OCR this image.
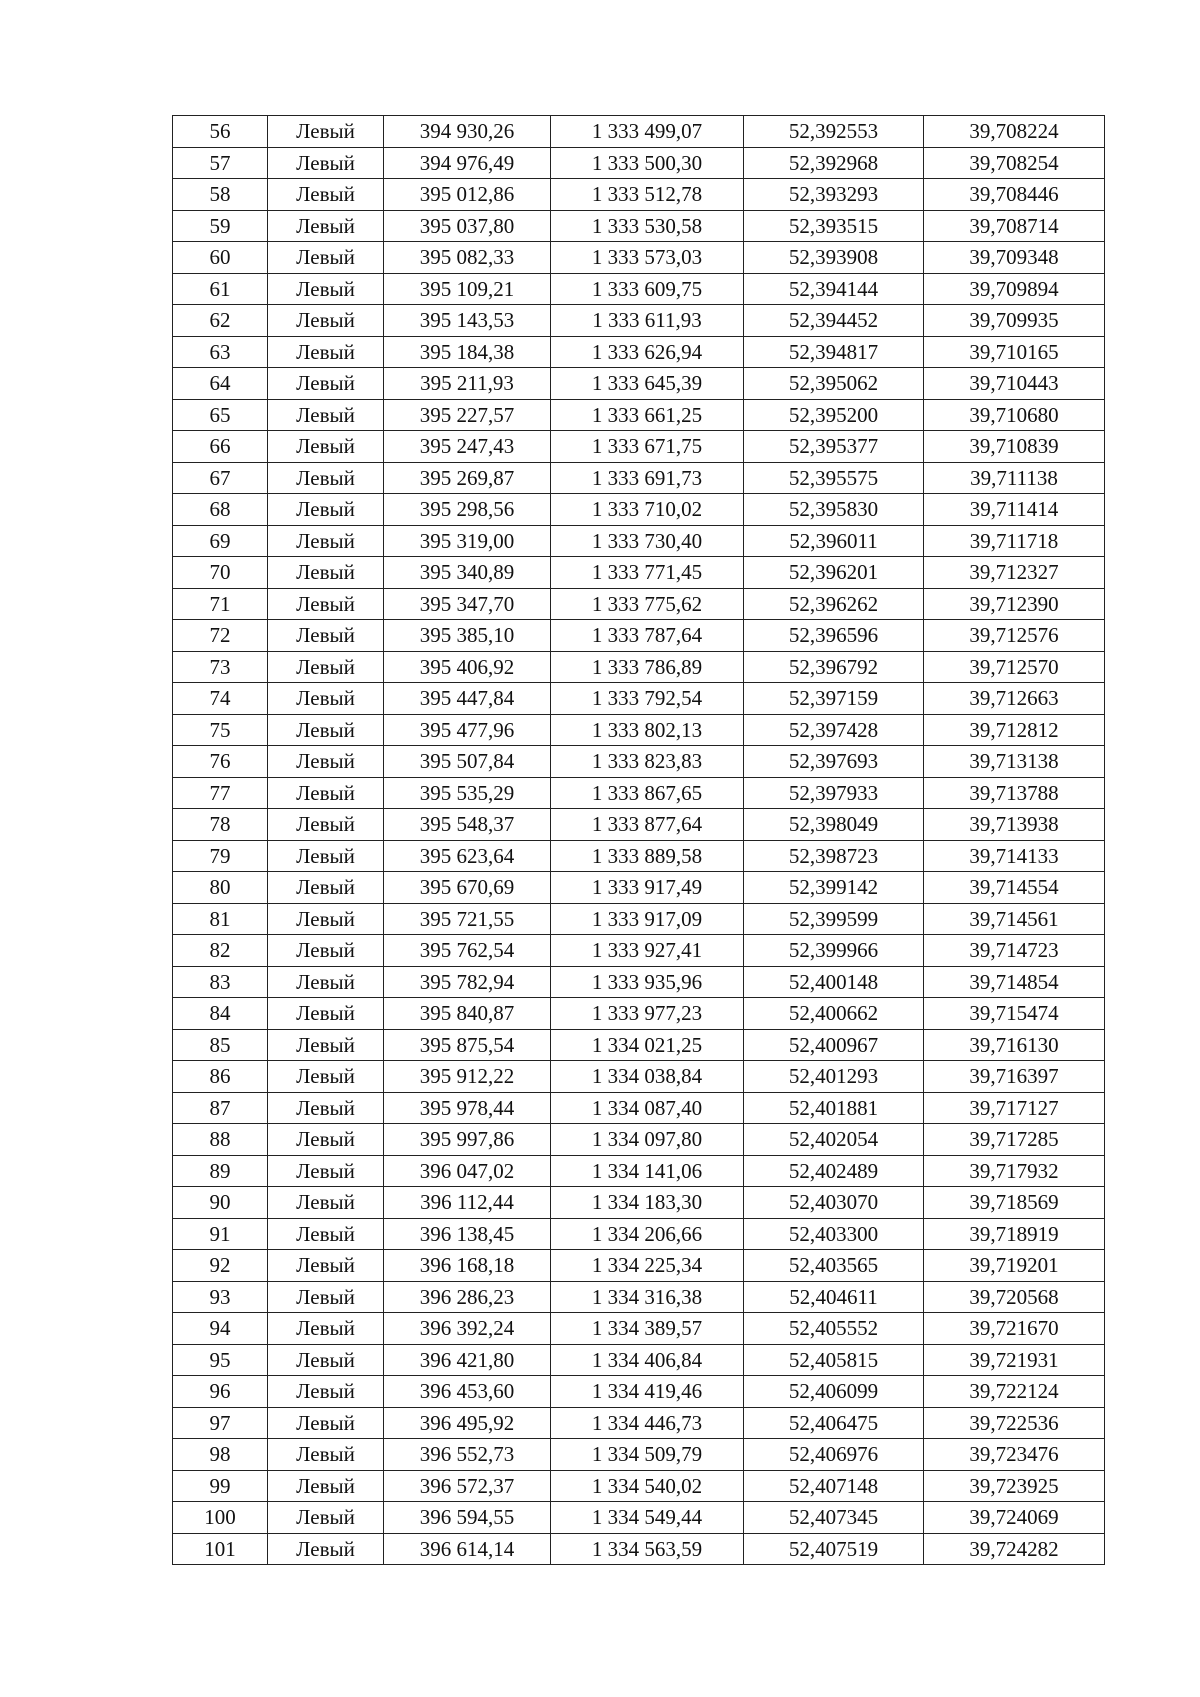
56	Левый	394 930,26	1 333 499,07	52,392553	39,708224
57	Левый	394 976,49	1 333 500,30	52,392968	39,708254
58	Левый	395 012,86	1 333 512,78	52,393293	39,708446
59	Левый	395 037,80	1 333 530,58	52,393515	39,708714
60	Левый	395 082,33	1 333 573,03	52,393908	39,709348
61	Левый	395 109,21	1 333 609,75	52,394144	39,709894
62	Левый	395 143,53	1 333 611,93	52,394452	39,709935
63	Левый	395 184,38	1 333 626,94	52,394817	39,710165
64	Левый	395 211,93	1 333 645,39	52,395062	39,710443
65	Левый	395 227,57	1 333 661,25	52,395200	39,710680
66	Левый	395 247,43	1 333 671,75	52,395377	39,710839
67	Левый	395 269,87	1 333 691,73	52,395575	39,711138
68	Левый	395 298,56	1 333 710,02	52,395830	39,711414
69	Левый	395 319,00	1 333 730,40	52,396011	39,711718
70	Левый	395 340,89	1 333 771,45	52,396201	39,712327
71	Левый	395 347,70	1 333 775,62	52,396262	39,712390
72	Левый	395 385,10	1 333 787,64	52,396596	39,712576
73	Левый	395 406,92	1 333 786,89	52,396792	39,712570
74	Левый	395 447,84	1 333 792,54	52,397159	39,712663
75	Левый	395 477,96	1 333 802,13	52,397428	39,712812
76	Левый	395 507,84	1 333 823,83	52,397693	39,713138
77	Левый	395 535,29	1 333 867,65	52,397933	39,713788
78	Левый	395 548,37	1 333 877,64	52,398049	39,713938
79	Левый	395 623,64	1 333 889,58	52,398723	39,714133
80	Левый	395 670,69	1 333 917,49	52,399142	39,714554
81	Левый	395 721,55	1 333 917,09	52,399599	39,714561
82	Левый	395 762,54	1 333 927,41	52,399966	39,714723
83	Левый	395 782,94	1 333 935,96	52,400148	39,714854
84	Левый	395 840,87	1 333 977,23	52,400662	39,715474
85	Левый	395 875,54	1 334 021,25	52,400967	39,716130
86	Левый	395 912,22	1 334 038,84	52,401293	39,716397
87	Левый	395 978,44	1 334 087,40	52,401881	39,717127
88	Левый	395 997,86	1 334 097,80	52,402054	39,717285
89	Левый	396 047,02	1 334 141,06	52,402489	39,717932
90	Левый	396 112,44	1 334 183,30	52,403070	39,718569
91	Левый	396 138,45	1 334 206,66	52,403300	39,718919
92	Левый	396 168,18	1 334 225,34	52,403565	39,719201
93	Левый	396 286,23	1 334 316,38	52,404611	39,720568
94	Левый	396 392,24	1 334 389,57	52,405552	39,721670
95	Левый	396 421,80	1 334 406,84	52,405815	39,721931
96	Левый	396 453,60	1 334 419,46	52,406099	39,722124
97	Левый	396 495,92	1 334 446,73	52,406475	39,722536
98	Левый	396 552,73	1 334 509,79	52,406976	39,723476
99	Левый	396 572,37	1 334 540,02	52,407148	39,723925
100	Левый	396 594,55	1 334 549,44	52,407345	39,724069
101	Левый	396 614,14	1 334 563,59	52,407519	39,724282
